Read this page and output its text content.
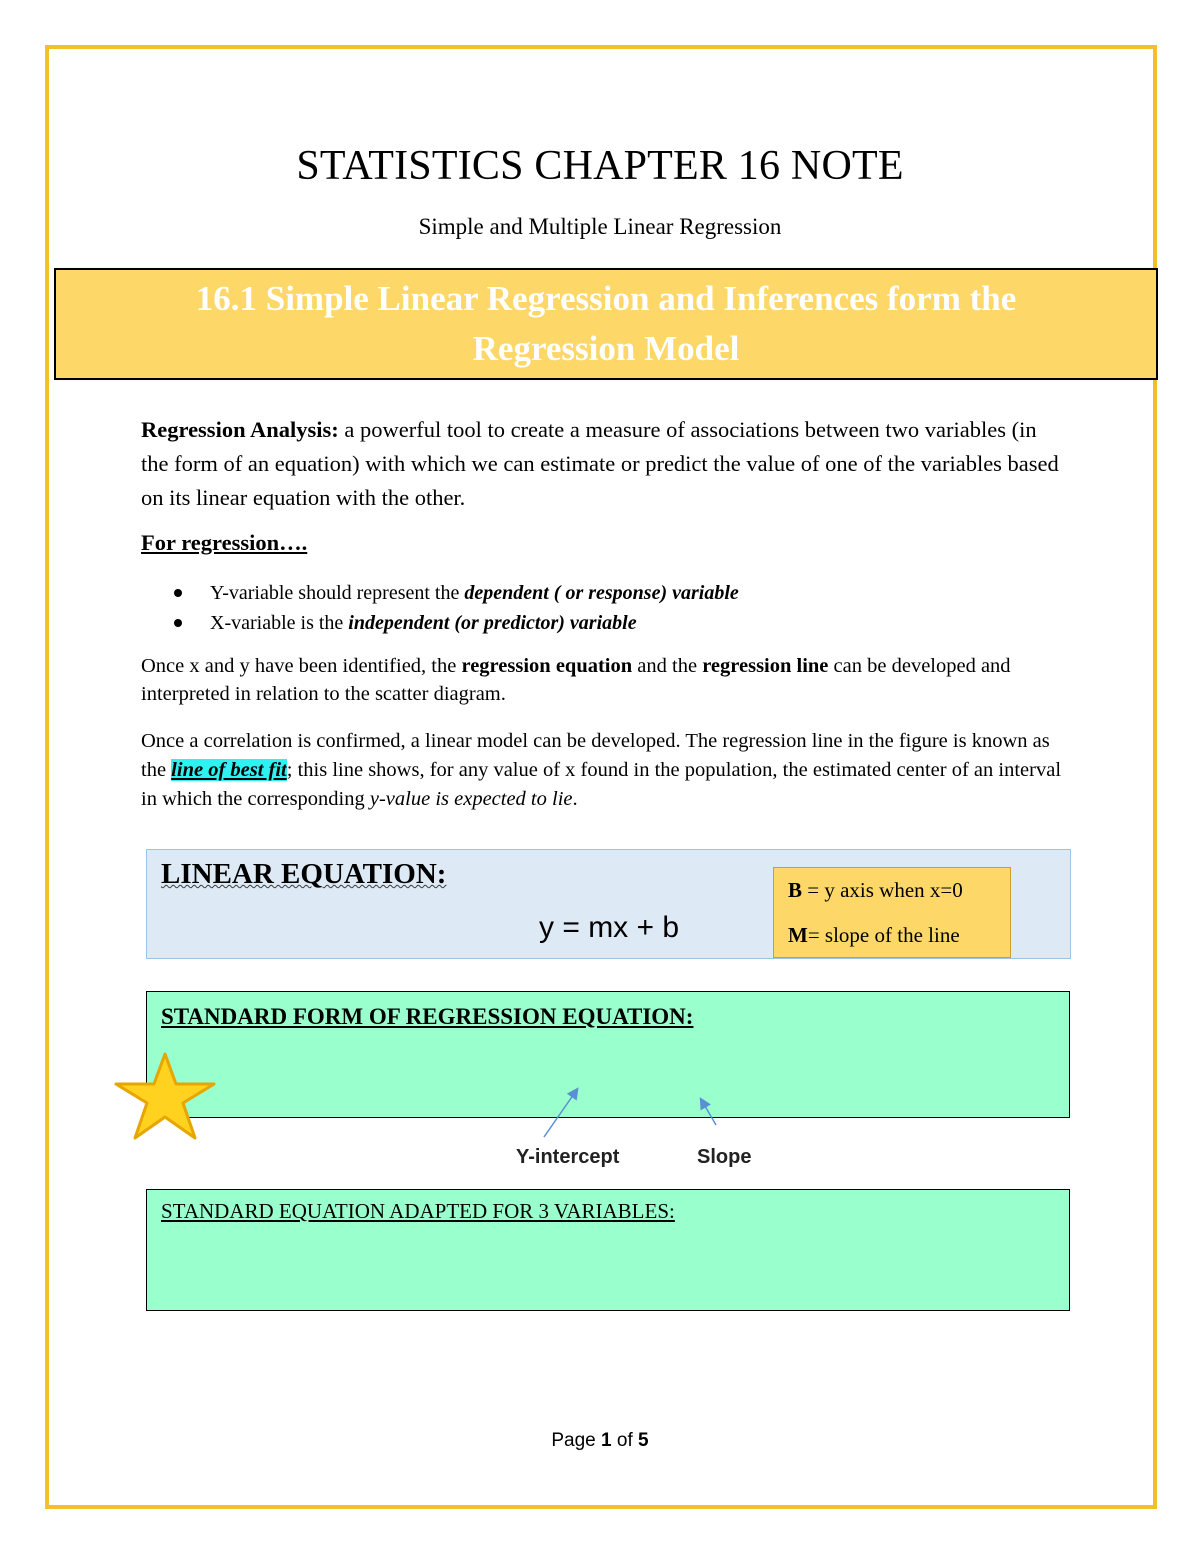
STATISTICS CHAPTER 16 NOTE
Simple and Multiple Linear Regression
16.1 Simple Linear Regression and Inferences form the Regression Model
Regression Analysis: a powerful tool to create a measure of associations between two variables (in the form of an equation) with which we can estimate or predict the value of one of the variables based on its linear equation with the other.
For regression….
Y-variable should represent the dependent ( or response) variable
X-variable is the independent (or predictor) variable
Once x and y have been identified, the regression equation and the regression line can be developed and interpreted in relation to the scatter diagram.
Once a correlation is confirmed, a linear model can be developed. The regression line in the figure is known as the line of best fit; this line shows, for any value of x found in the population, the estimated center of an interval in which the corresponding y-value is expected to lie.
LINEAR EQUATION:
y = mx + b
B = y axis when x=0
M= slope of the line
STANDARD FORM OF REGRESSION EQUATION:
Y-intercept	Slope
STANDARD EQUATION ADAPTED FOR 3 VARIABLES:
Page 1 of 5
